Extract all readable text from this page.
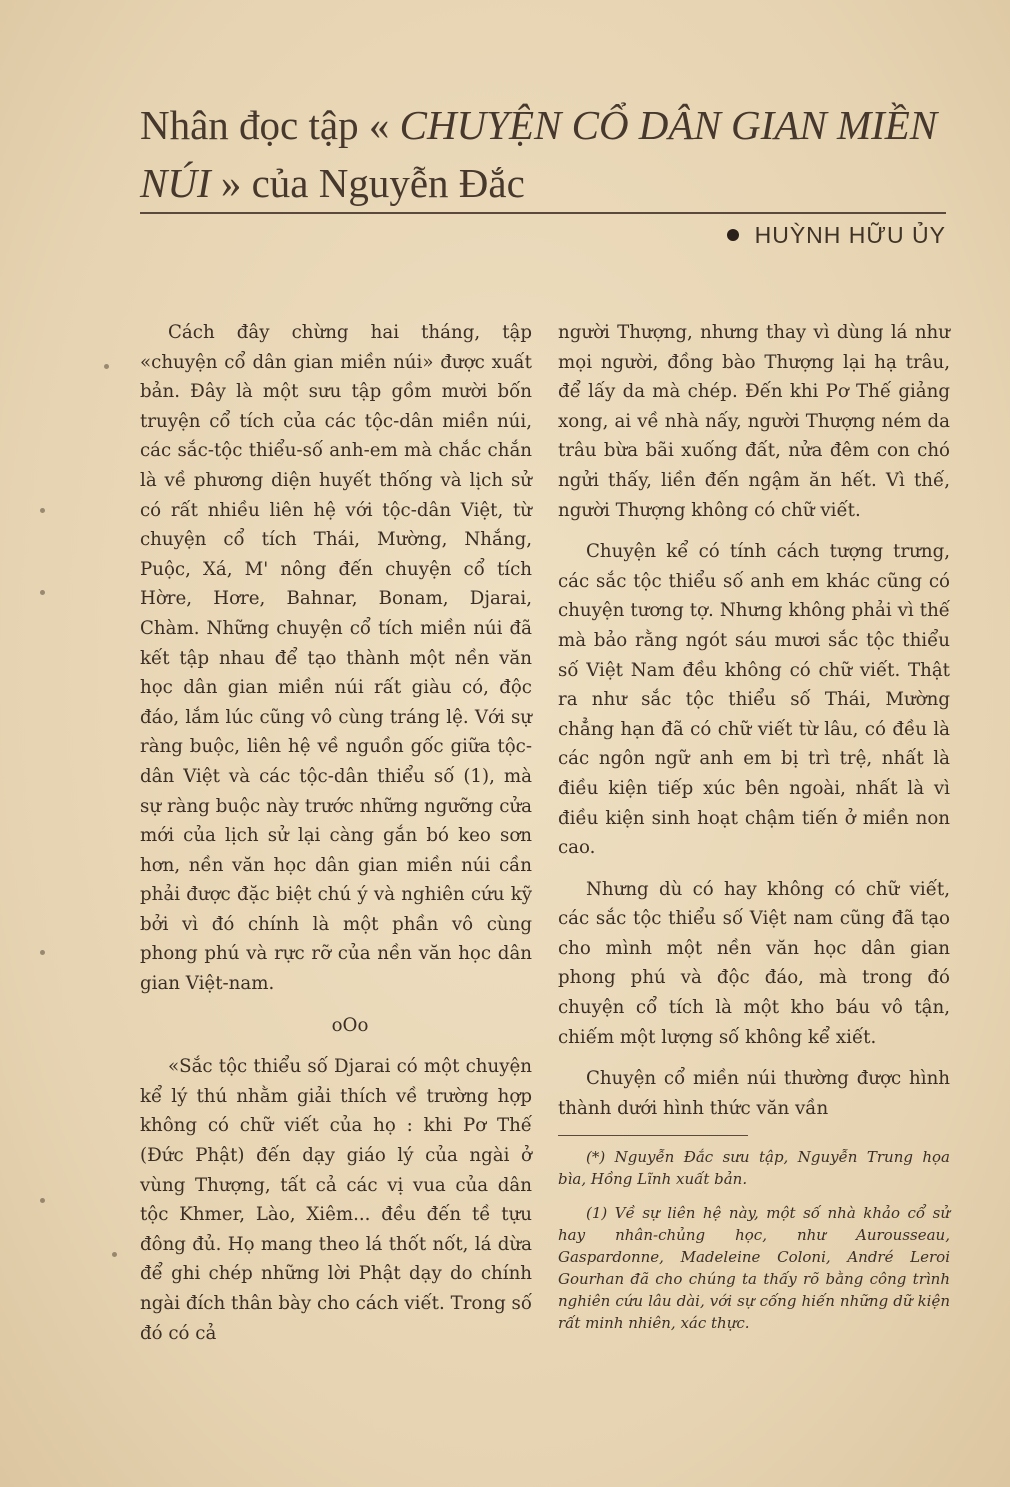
Nhân đọc tập « CHUYỆN CỔ DÂN GIAN MIỀN NÚI » của Nguyễn Đắc
HUỲNH HỮU ỦY

Cách đây chừng hai tháng, tập «chuyện cổ dân gian miền núi» được xuất bản. Đây là một sưu tập gồm mười bốn truyện cổ tích của các tộc-dân miền núi, các sắc-tộc thiểu-số anh-em mà chắc chắn là về phương diện huyết thống và lịch sử có rất nhiều liên hệ với tộc-dân Việt, từ chuyện cổ tích Thái, Mường, Nhắng, Puộc, Xá, M' nông đến chuyện cổ tích Hờre, Hơre, Bahnar, Bonam, Djarai, Chàm. Những chuyện cổ tích miền núi đã kết tập nhau để tạo thành một nền văn học dân gian miền núi rất giàu có, độc đáo, lắm lúc cũng vô cùng tráng lệ. Với sự ràng buộc, liên hệ về nguồn gốc giữa tộc-dân Việt và các tộc-dân thiểu số (1), mà sự ràng buộc này trước những ngưỡng cửa mới của lịch sử lại càng gắn bó keo sơn hơn, nền văn học dân gian miền núi cần phải được đặc biệt chú ý và nghiên cứu kỹ bởi vì đó chính là một phần vô cùng phong phú và rực rỡ của nền văn học dân gian Việt-nam.

oOo

«Sắc tộc thiểu số Djarai có một chuyện kể lý thú nhằm giải thích về trường hợp không có chữ viết của họ : khi Pơ Thế (Đức Phật) đến dạy giáo lý của ngài ở vùng Thượng, tất cả các vị vua của dân tộc Khmer, Lào, Xiêm... đều đến tề tựu đông đủ. Họ mang theo lá thốt nốt, lá dừa để ghi chép những lời Phật dạy do chính ngài đích thân bày cho cách viết. Trong số đó có cả

người Thượng, nhưng thay vì dùng lá như mọi người, đồng bào Thượng lại hạ trâu, để lấy da mà chép. Đến khi Pơ Thế giảng xong, ai về nhà nấy, người Thượng ném da trâu bừa bãi xuống đất, nửa đêm con chó ngửi thấy, liền đến ngậm ăn hết. Vì thế, người Thượng không có chữ viết.

Chuyện kể có tính cách tượng trưng, các sắc tộc thiểu số anh em khác cũng có chuyện tương tợ. Nhưng không phải vì thế mà bảo rằng ngót sáu mươi sắc tộc thiểu số Việt Nam đều không có chữ viết. Thật ra như sắc tộc thiểu số Thái, Mường chẳng hạn đã có chữ viết từ lâu, có đều là các ngôn ngữ anh em bị trì trệ, nhất là điều kiện tiếp xúc bên ngoài, nhất là vì điều kiện sinh hoạt chậm tiến ở miền non cao.

Nhưng dù có hay không có chữ viết, các sắc tộc thiểu số Việt nam cũng đã tạo cho mình một nền văn học dân gian phong phú và độc đáo, mà trong đó chuyện cổ tích là một kho báu vô tận, chiếm một lượng số không kể xiết.

Chuyện cổ miền núi thường được hình thành dưới hình thức văn vần

(*) Nguyễn Đắc sưu tập, Nguyễn Trung họa bìa, Hồng Lĩnh xuất bản.

(1) Về sự liên hệ này, một số nhà khảo cổ sử hay nhân-chủng học, như Aurousseau, Gaspardonne, Madeleine Coloni, André Leroi Gourhan đã cho chúng ta thấy rõ bằng công trình nghiên cứu lâu dài, với sự cống hiến những dữ kiện rất minh nhiên, xác thực.
